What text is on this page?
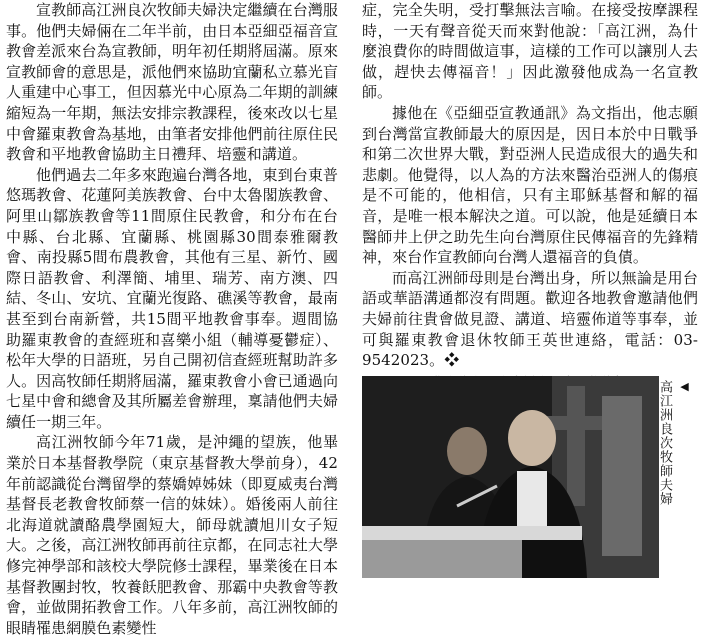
宣教師高江洲良次牧師夫婦決定繼續在台灣服事。他們夫婦倆在二年半前，由日本亞細亞福音宣教會差派來台為宣教師，明年初任期將屆滿。原來宣教師會的意思是，派他們來協助宜蘭私立慕光盲人重建中心事工，但因慕光中心原為二年期的訓練縮短為一年期，無法安排宗教課程，後來改以七星中會羅東教會為基地，由筆者安排他們前往原住民教會和平地教會協助主日禮拜、培靈和講道。

他們過去二年多來跑遍台灣各地，東到台東普悠瑪教會、花蓮阿美族教會、台中太魯閣族教會、阿里山鄒族教會等11間原住民教會，和分布在台中縣、台北縣、宜蘭縣、桃園縣30間泰雅爾教會、南投縣5間布農教會，其他有三星、新竹、國際日語教會、利澤簡、埔里、瑞芳、南方澳、四結、冬山、安坑、宜蘭光復路、礁溪等教會，最南甚至到台南新營，共15間平地教會事奉。週間協助羅東教會的查經班和喜樂小組（輔導憂鬱症）、松年大學的日語班，另自己開初信查經班幫助許多人。因高牧師任期將屆滿，羅東教會小會已通過向七星中會和總會及其所屬差會辦理，稟請他們夫婦續任一期三年。

高江洲牧師今年71歲，是沖繩的望族，他畢業於日本基督教學院（東京基督教大學前身），42年前認識從台灣留學的蔡嬌婥姊妹（即夏威夷台灣基督長老教會牧師蔡一信的妹妹）。婚後兩人前往北海道就讀酪農學園短大，師母就讀旭川女子短大。之後，高江洲牧師再前往京都，在同志社大學修完神學部和該校大學院修士課程，畢業後在日本基督教團封牧，牧養飫肥教會、那霸中央教會等教會，並做開拓教會工作。八年多前，高江洲牧師的眼睛罹患網膜色素變性

症，完全失明，受打擊無法言喻。在接受按摩課程時，一天有聲音從天而來對他說：「高江洲，為什麼浪費你的時間做這事，這樣的工作可以讓別人去做，趕快去傳福音！」因此激發他成為一名宣教師。

據他在《亞細亞宣教通訊》為文指出，他志願到台灣當宣教師最大的原因是，因日本於中日戰爭和第二次世界大戰，對亞洲人民造成很大的過失和悲劇。他覺得，以人為的方法來醫治亞洲人的傷痕是不可能的，他相信，只有主耶穌基督和解的福音，是唯一根本解決之道。可以說，他是延續日本醫師井上伊之助先生向台灣原住民傳福音的先鋒精神，來台作宣教師向台灣人還福音的負債。

而高江洲師母則是台灣出身，所以無論是用台語或華語溝通都沒有問題。歡迎各地教會邀請他們夫婦前往貴會做見證、講道、培靈佈道等事奉，並可與羅東教會退休牧師王英世連絡，電話：03-9542023。❖

◀
高江洲良次牧師夫婦
